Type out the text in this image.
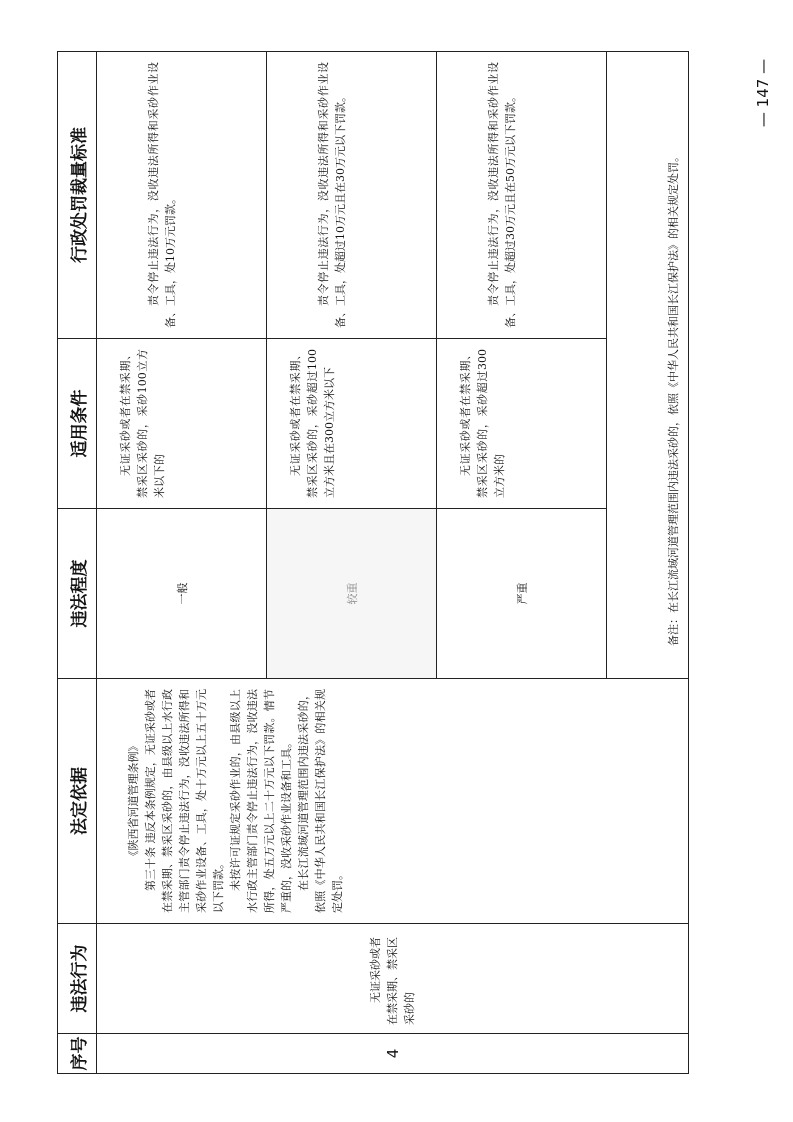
— 147 —
序号	违法行为	法定依据	违法程度	适用条件	行政处罚裁量标准
4	无证采砂或者在禁采期、禁采区采砂的	《陕西省河道管理条例》 第三十条 违反本条例规定，无证采砂或者在禁采期、禁采区采砂的，由县级以上水行政主管部门责令停止违法行为，没收违法所得和采砂作业设备、工具，处十万元以上五十万元以下罚款。 未按许可证规定采砂作业的，由县级以上水行政主管部门责令停止违法行为，没收违法所得，处五万元以上二十万元以下罚款。情节严重的，没收采砂作业设备和工具。 在长江流域河道管理范围内违法采砂的，依照《中华人民共和国长江保护法》的相关规定处罚。	一般	无证采砂或者在禁采期、禁采区采砂的，采砂100立方米以下的	责令停止违法行为，没收违法所得和采砂作业设备、工具，处10万元罚款。

			较重	无证采砂或者在禁采期、禁采区采砂的，采砂超过100立方米且在300立方米以下	责令停止违法行为，没收违法所得和采砂作业设备、工具，处超过10万元且在30万元以下罚款。

			严重	无证采砂或者在禁采期、禁采区采砂的，采砂超过300立方米的	责令停止违法行为，没收违法所得和采砂作业设备、工具，处超过30万元且在50万元以下罚款。

			备注：在长江流域河道管理范围内违法采砂的，依照《中华人民共和国长江保护法》的相关规定处罚。		
